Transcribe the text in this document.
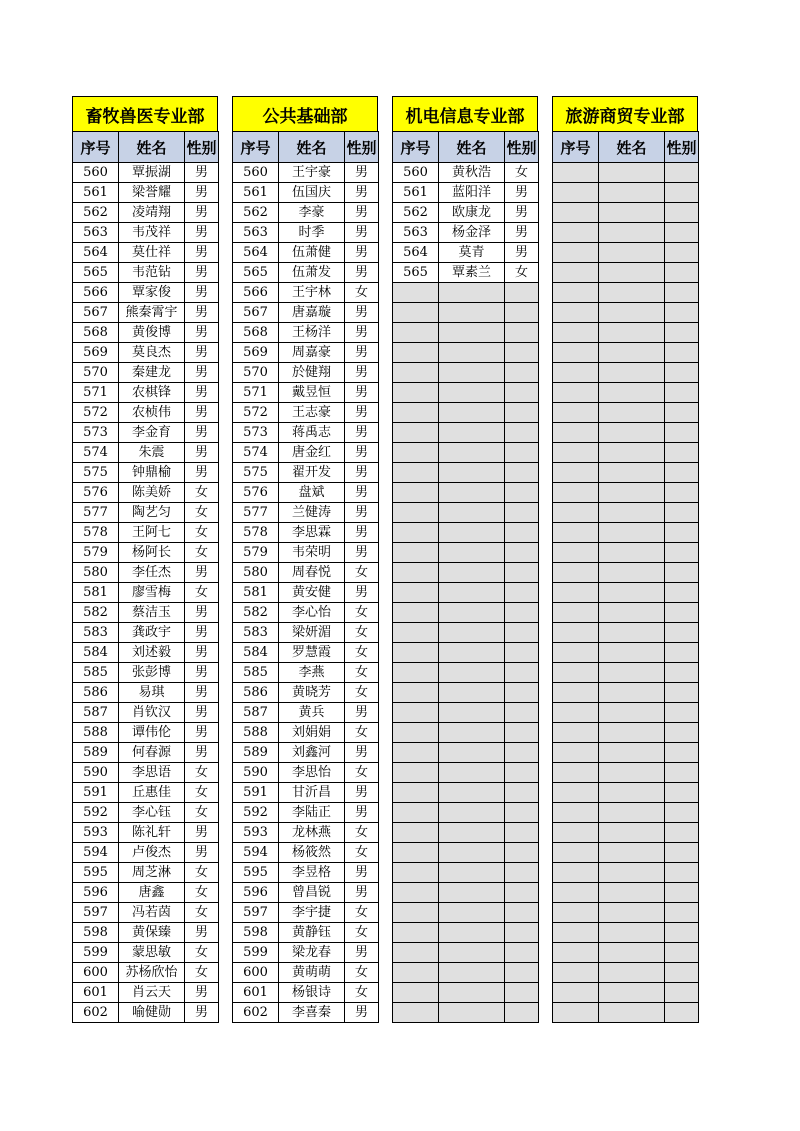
畜牧兽医专业部
序号	姓名	性别
560	覃振湖	男
561	梁誉耀	男
562	凌靖翔	男
563	韦茂祥	男
564	莫仕祥	男
565	韦范钻	男
566	覃家俊	男
567	熊秦霄宇	男
568	黄俊博	男
569	莫良杰	男
570	秦建龙	男
571	农棋锋	男
572	农桢伟	男
573	李金育	男
574	朱震	男
575	钟鼎榆	男
576	陈美娇	女
577	陶艺匀	女
578	王阿七	女
579	杨阿长	女
580	李任杰	男
581	廖雪梅	女
582	蔡洁玉	男
583	龚政宇	男
584	刘述毅	男
585	张彭博	男
586	易琪	男
587	肖钦汉	男
588	谭伟伦	男
589	何春源	男
590	李思语	女
591	丘惠佳	女
592	李心钰	女
593	陈礼轩	男
594	卢俊杰	男
595	周芝淋	女
596	唐鑫	女
597	冯若茵	女
598	黄保臻	男
599	蒙思敏	女
600	苏杨欣怡	女
601	肖云天	男
602	喻健勋	男
公共基础部
序号	姓名	性别
560	王宇豪	男
561	伍国庆	男
562	李豪	男
563	时季	男
564	伍萧健	男
565	伍萧发	男
566	王宇林	女
567	唐嘉璇	男
568	王杨洋	男
569	周嘉豪	男
570	於健翔	男
571	戴昱恒	男
572	王志豪	男
573	蒋禹志	男
574	唐金红	男
575	翟开发	男
576	盘斌	男
577	兰健涛	男
578	李思霖	男
579	韦荣明	男
580	周春悦	女
581	黄安健	男
582	李心怡	女
583	梁妍湄	女
584	罗慧霞	女
585	李燕	女
586	黄晓芳	女
587	黄兵	男
588	刘娟娟	女
589	刘鑫河	男
590	李思怡	女
591	甘沂昌	男
592	李陆正	男
593	龙林燕	女
594	杨筱然	女
595	李昱格	男
596	曾昌锐	男
597	李宇捷	女
598	黄静钰	女
599	梁龙春	男
600	黄萌萌	女
601	杨银诗	女
602	李喜秦	男
机电信息专业部
序号	姓名	性别
560	黄秋浩	女
561	蓝阳洋	男
562	欧康龙	男
563	杨金泽	男
564	莫青	男
565	覃素兰	女

旅游商贸专业部
序号	姓名	性别
